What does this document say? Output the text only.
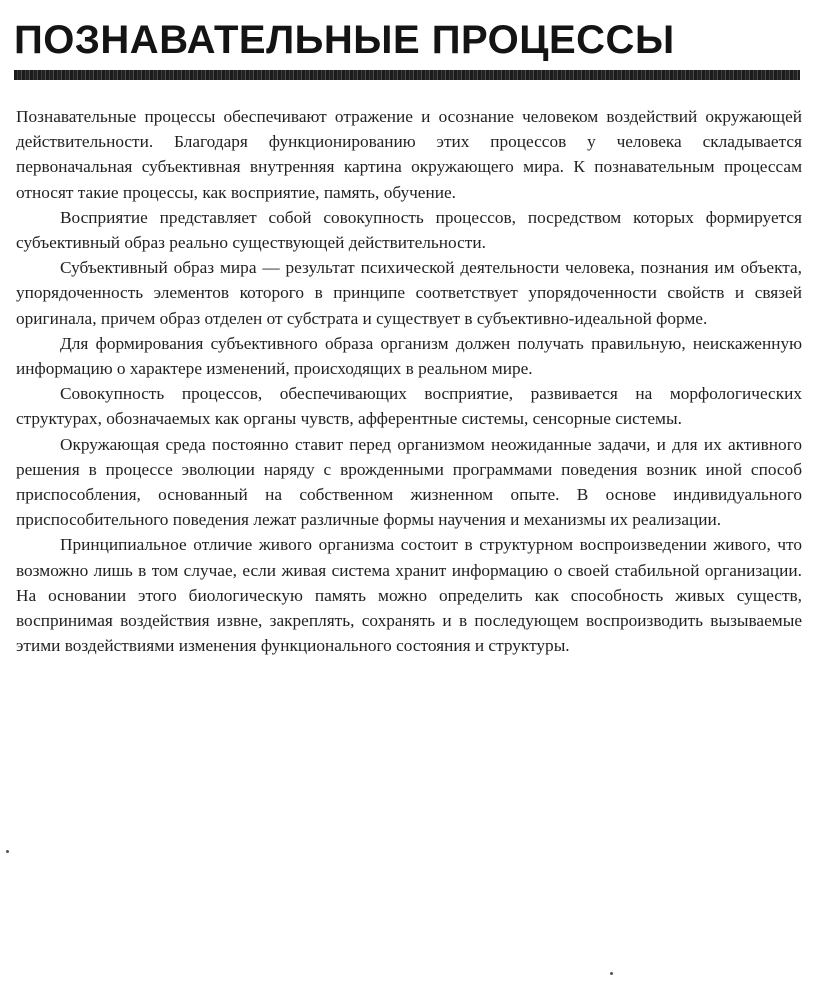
ПОЗНАВАТЕЛЬНЫЕ ПРОЦЕССЫ

Познавательные процессы обеспечивают отражение и осознание человеком воздействий окружающей действительности. Благодаря функционированию этих процессов у человека складывается первоначальная субъективная внутренняя картина окружающего мира. К познавательным процессам относят такие процессы, как восприятие, память, обучение.

Восприятие представляет собой совокупность процессов, посредством которых формируется субъективный образ реально существующей действительности.

Субъективный образ мира — результат психической деятельности человека, познания им объекта, упорядоченность элементов которого в принципе соответствует упорядоченности свойств и связей оригинала, причем образ отделен от субстрата и существует в субъективно-идеальной форме.

Для формирования субъективного образа организм должен получать правильную, неискаженную информацию о характере изменений, происходящих в реальном мире.

Совокупность процессов, обеспечивающих восприятие, развивается на морфологических структурах, обозначаемых как органы чувств, афферентные системы, сенсорные системы.

Окружающая среда постоянно ставит перед организмом неожиданные задачи, и для их активного решения в процессе эволюции наряду с врожденными программами поведения возник иной способ приспособления, основанный на собственном жизненном опыте. В основе индивидуального приспособительного поведения лежат различные формы научения и механизмы их реализации.

Принципиальное отличие живого организма состоит в структурном воспроизведении живого, что возможно лишь в том случае, если живая система хранит информацию о своей стабильной организации. На основании этого биологическую память можно определить как способность живых существ, воспринимая воздействия извне, закреплять, сохранять и в последующем воспроизводить вызываемые этими воздействиями изменения функционального состояния и структуры.
